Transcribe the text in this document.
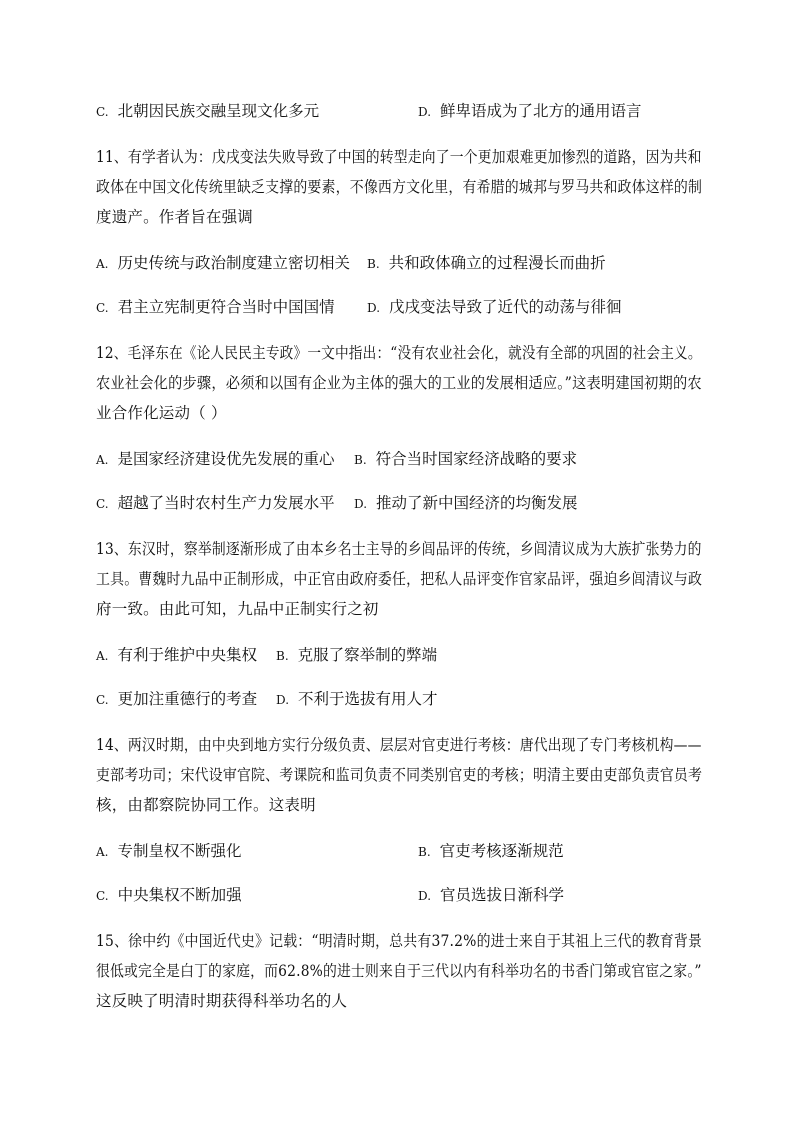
C. 北朝因民族交融呈现文化多元	D. 鲜卑语成为了北方的通用语言
11、有学者认为：戊戌变法失败导致了中国的转型走向了一个更加艰难更加惨烈的道路，因为共和
政体在中国文化传统里缺乏支撑的要素，不像西方文化里，有希腊的城邦与罗马共和政体这样的制
度遗产。作者旨在强调
A. 历史传统与政治制度建立密切相关 B. 共和政体确立的过程漫长而曲折
C. 君主立宪制更符合当时中国国情	D. 戊戌变法导致了近代的动荡与徘徊
12、毛泽东在《论人民民主专政》一文中指出：“没有农业社会化，就没有全部的巩固的社会主义。
农业社会化的步骤，必须和以国有企业为主体的强大的工业的发展相适应。”这表明建国初期的农
业合作化运动（ ）
A. 是国家经济建设优先发展的重心 B. 符合当时国家经济战略的要求
C. 超越了当时农村生产力发展水平 D. 推动了新中国经济的均衡发展
13、东汉时，察举制逐渐形成了由本乡名士主导的乡闾品评的传统，乡闾清议成为大族扩张势力的
工具。曹魏时九品中正制形成，中正官由政府委任，把私人品评变作官家品评，强迫乡闾清议与政
府一致。由此可知，九品中正制实行之初
A. 有利于维护中央集权 B. 克服了察举制的弊端
C. 更加注重德行的考查 D. 不利于选拔有用人才
14、两汉时期，由中央到地方实行分级负责、层层对官吏进行考核：唐代出现了专门考核机构——
吏部考功司；宋代设审官院、考课院和监司负责不同类别官吏的考核；明清主要由吏部负责官员考
核，由都察院协同工作。这表明
A. 专制皇权不断强化	B. 官吏考核逐渐规范
C. 中央集权不断加强	D. 官员选拔日渐科学
15、徐中约《中国近代史》记载：“明清时期，总共有37.2%的进士来自于其祖上三代的教育背景
很低或完全是白丁的家庭，而62.8%的进士则来自于三代以内有科举功名的书香门第或官宦之家。”
这反映了明清时期获得科举功名的人
